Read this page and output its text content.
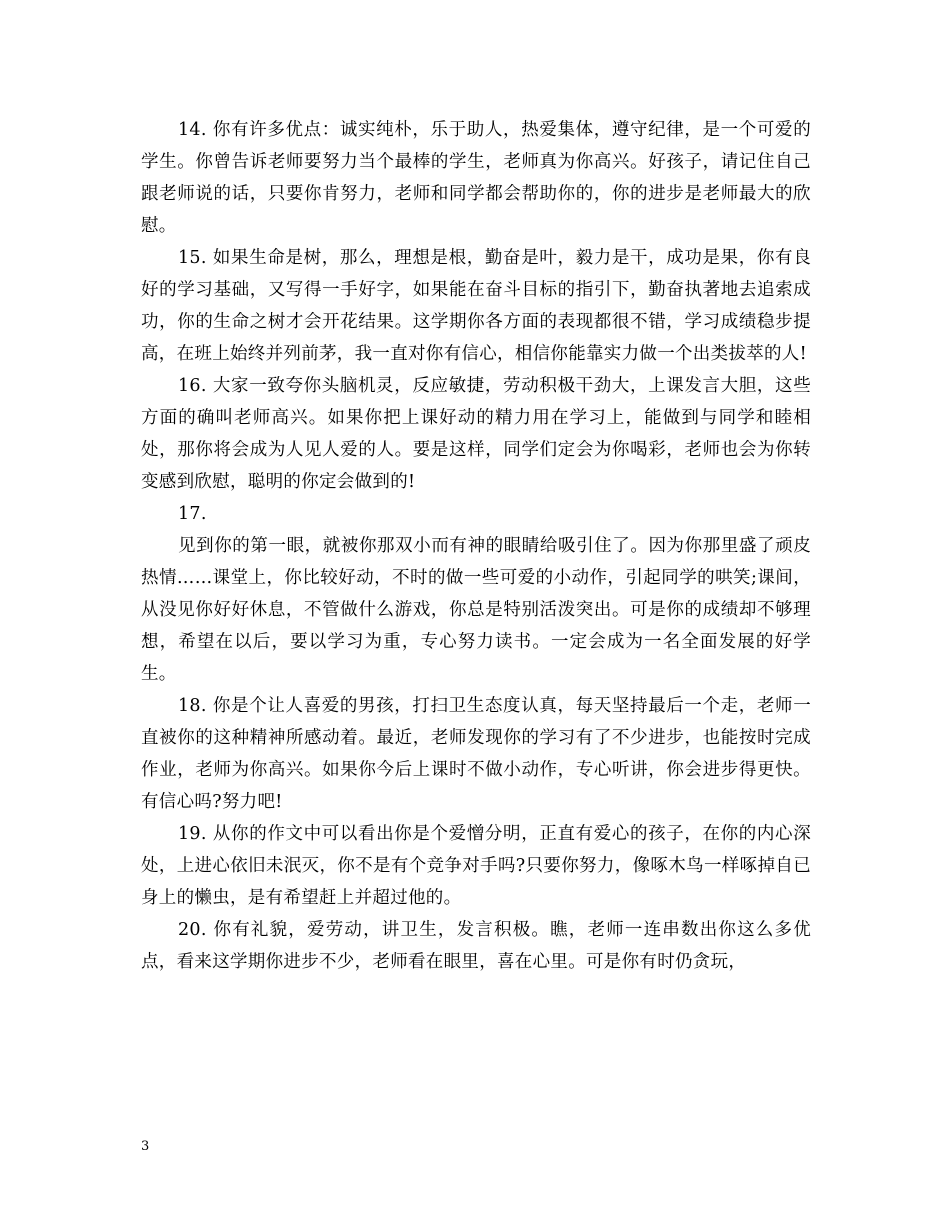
14. 你有许多优点：诚实纯朴，乐于助人，热爱集体，遵守纪律，是一个可爱的学生。你曾告诉老师要努力当个最棒的学生，老师真为你高兴。好孩子，请记住自己跟老师说的话，只要你肯努力，老师和同学都会帮助你的，你的进步是老师最大的欣慰。

15. 如果生命是树，那么，理想是根，勤奋是叶，毅力是干，成功是果，你有良好的学习基础，又写得一手好字，如果能在奋斗目标的指引下，勤奋执著地去追索成功，你的生命之树才会开花结果。这学期你各方面的表现都很不错，学习成绩稳步提高，在班上始终并列前茅，我一直对你有信心，相信你能靠实力做一个出类拔萃的人!

16. 大家一致夸你头脑机灵，反应敏捷，劳动积极干劲大，上课发言大胆，这些方面的确叫老师高兴。如果你把上课好动的精力用在学习上，能做到与同学和睦相处，那你将会成为人见人爱的人。要是这样，同学们定会为你喝彩，老师也会为你转变感到欣慰，聪明的你定会做到的!

17.

见到你的第一眼，就被你那双小而有神的眼睛给吸引住了。因为你那里盛了顽皮热情……课堂上，你比较好动，不时的做一些可爱的小动作，引起同学的哄笑;课间，从没见你好好休息，不管做什么游戏，你总是特别活泼突出。可是你的成绩却不够理想，希望在以后，要以学习为重，专心努力读书。一定会成为一名全面发展的好学生。

18. 你是个让人喜爱的男孩，打扫卫生态度认真，每天坚持最后一个走，老师一直被你的这种精神所感动着。最近，老师发现你的学习有了不少进步，也能按时完成作业，老师为你高兴。如果你今后上课时不做小动作，专心听讲，你会进步得更快。有信心吗?努力吧!

19. 从你的作文中可以看出你是个爱憎分明，正直有爱心的孩子，在你的内心深处，上进心依旧未泯灭，你不是有个竞争对手吗?只要你努力，像啄木鸟一样啄掉自已身上的懒虫，是有希望赶上并超过他的。

20. 你有礼貌，爱劳动，讲卫生，发言积极。瞧，老师一连串数出你这么多优点，看来这学期你进步不少，老师看在眼里，喜在心里。可是你有时仍贪玩，

3
